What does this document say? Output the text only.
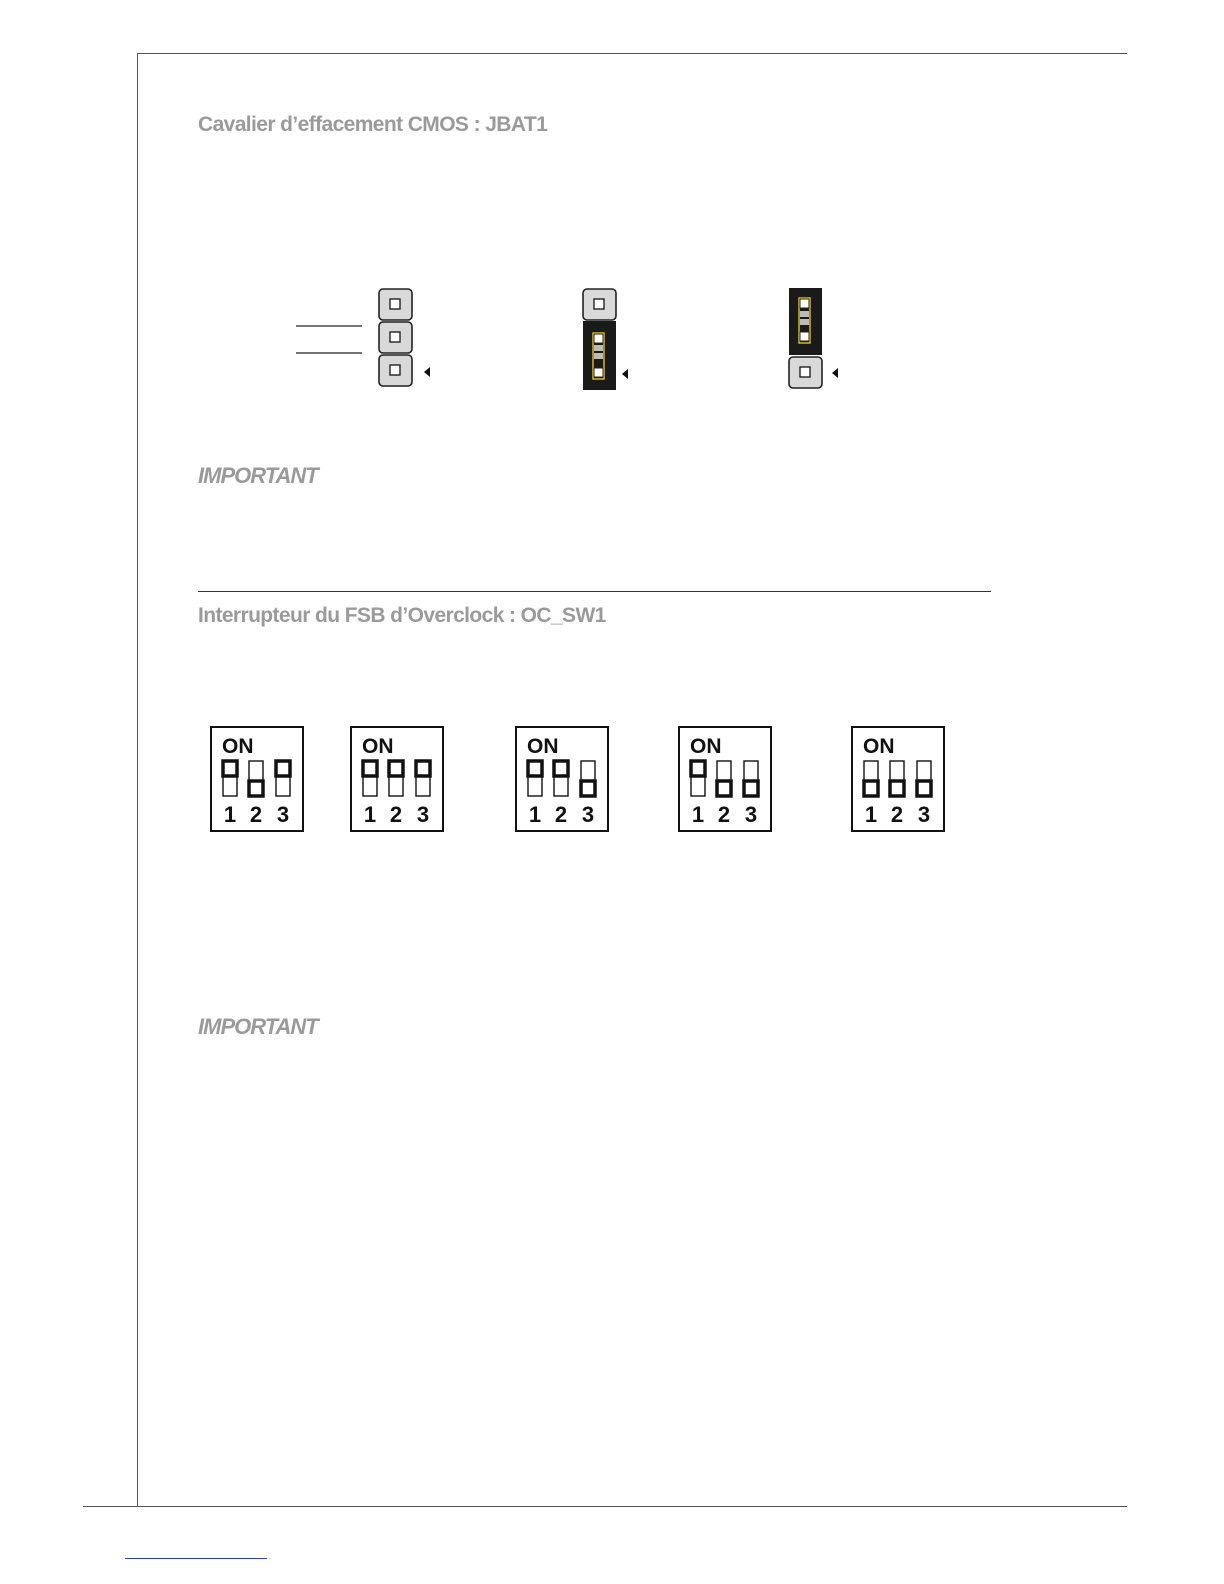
Cavalier d’effacement CMOS : JBAT1
IMPORTANT
Interrupteur du FSB d’Overclock : OC_SW1
ON
1 2 3
ON
1 2 3
ON
1 2 3
ON
1 2 3
ON
1 2 3
IMPORTANT
